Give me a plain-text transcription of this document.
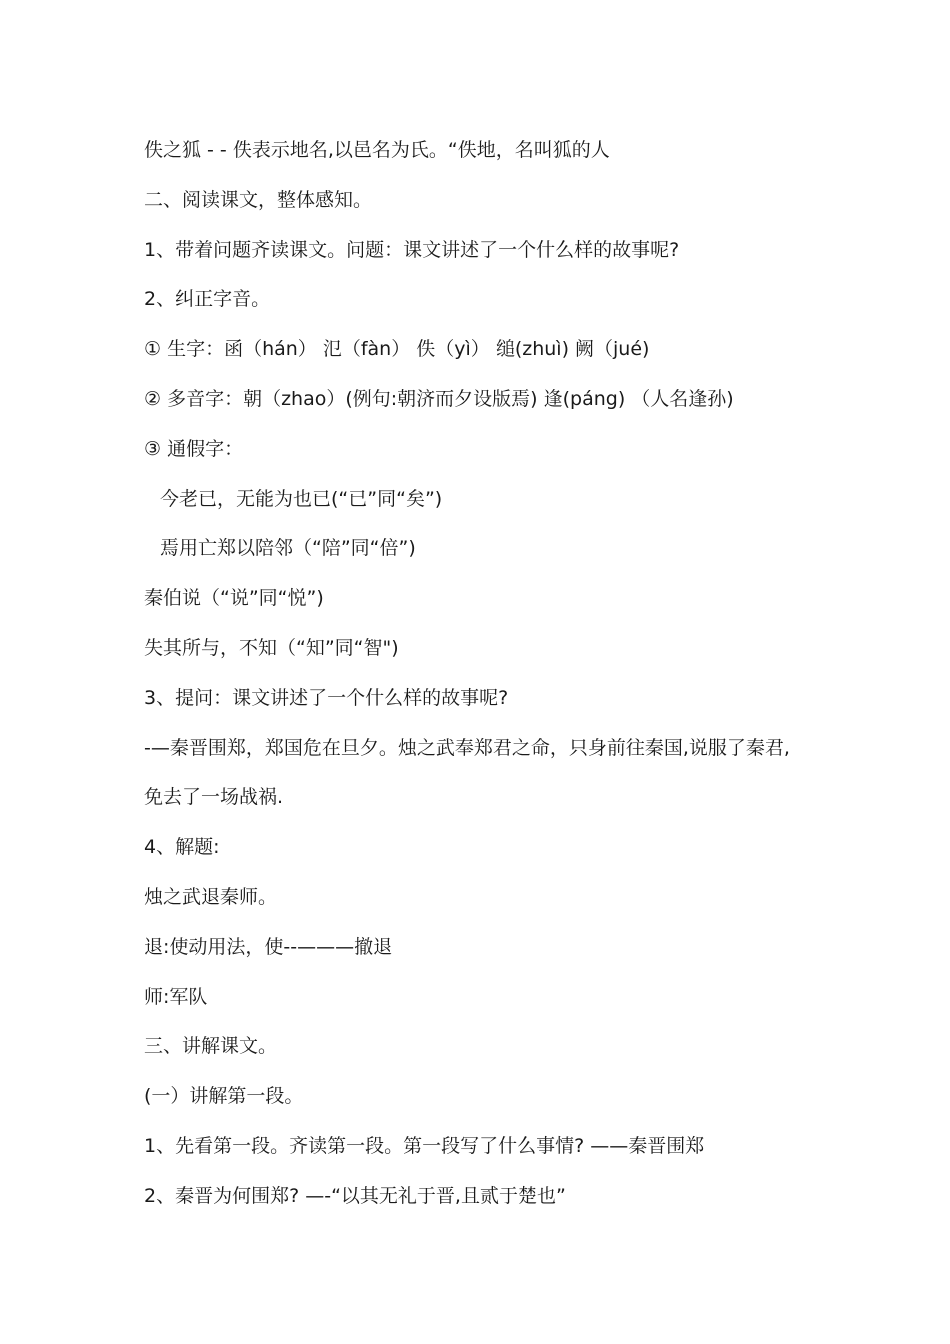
佚之狐 - - 佚表示地名,以邑名为氏。“佚地，名叫狐的人
二、阅读课文，整体感知。
1、带着问题齐读课文。问题：课文讲述了一个什么样的故事呢?
2、纠正字音。
① 生字：函（hán） 氾（fàn） 佚（yì） 缒(zhuì) 阙（jué)
② 多音字：朝（zhao）(例句:朝济而夕设版焉) 逢(páng) （人名逢孙)
③ 通假字：
今老已，无能为也已(“已”同“矣”)
焉用亡郑以陪邻（“陪”同“倍”)
秦伯说（“说”同“悦”)
失其所与，不知（“知”同“智")
3、提问：课文讲述了一个什么样的故事呢?
-—秦晋围郑，郑国危在旦夕。烛之武奉郑君之命，只身前往秦国,说服了秦君,
免去了一场战祸.
4、解题:
烛之武退秦师。
退:使动用法，使--———撤退
师:军队
三、讲解课文。
(一）讲解第一段。
1、先看第一段。齐读第一段。第一段写了什么事情? ——秦晋围郑
2、秦晋为何围郑? —-“以其无礼于晋,且贰于楚也”
